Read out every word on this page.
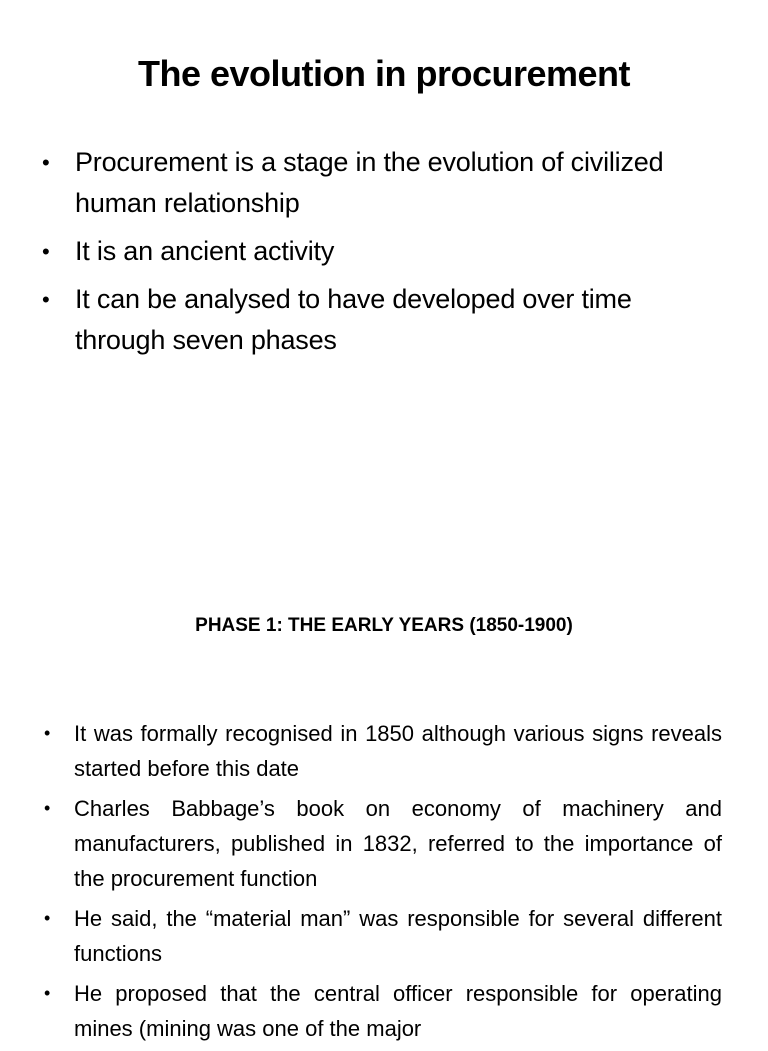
The evolution in procurement
• Procurement is a stage in the evolution of civilized human relationship
• It is an ancient activity
• It can be analysed to have developed over time through seven phases
PHASE 1: THE EARLY YEARS (1850-1900)
• It was formally recognised in 1850 although various signs reveals started before this date
• Charles Babbage’s book on economy of machinery and manufacturers, published in 1832, referred to the importance of the procurement function
• He said, the “material man” was responsible for several different functions
• He proposed that the central officer responsible for operating mines (mining was one of the major
